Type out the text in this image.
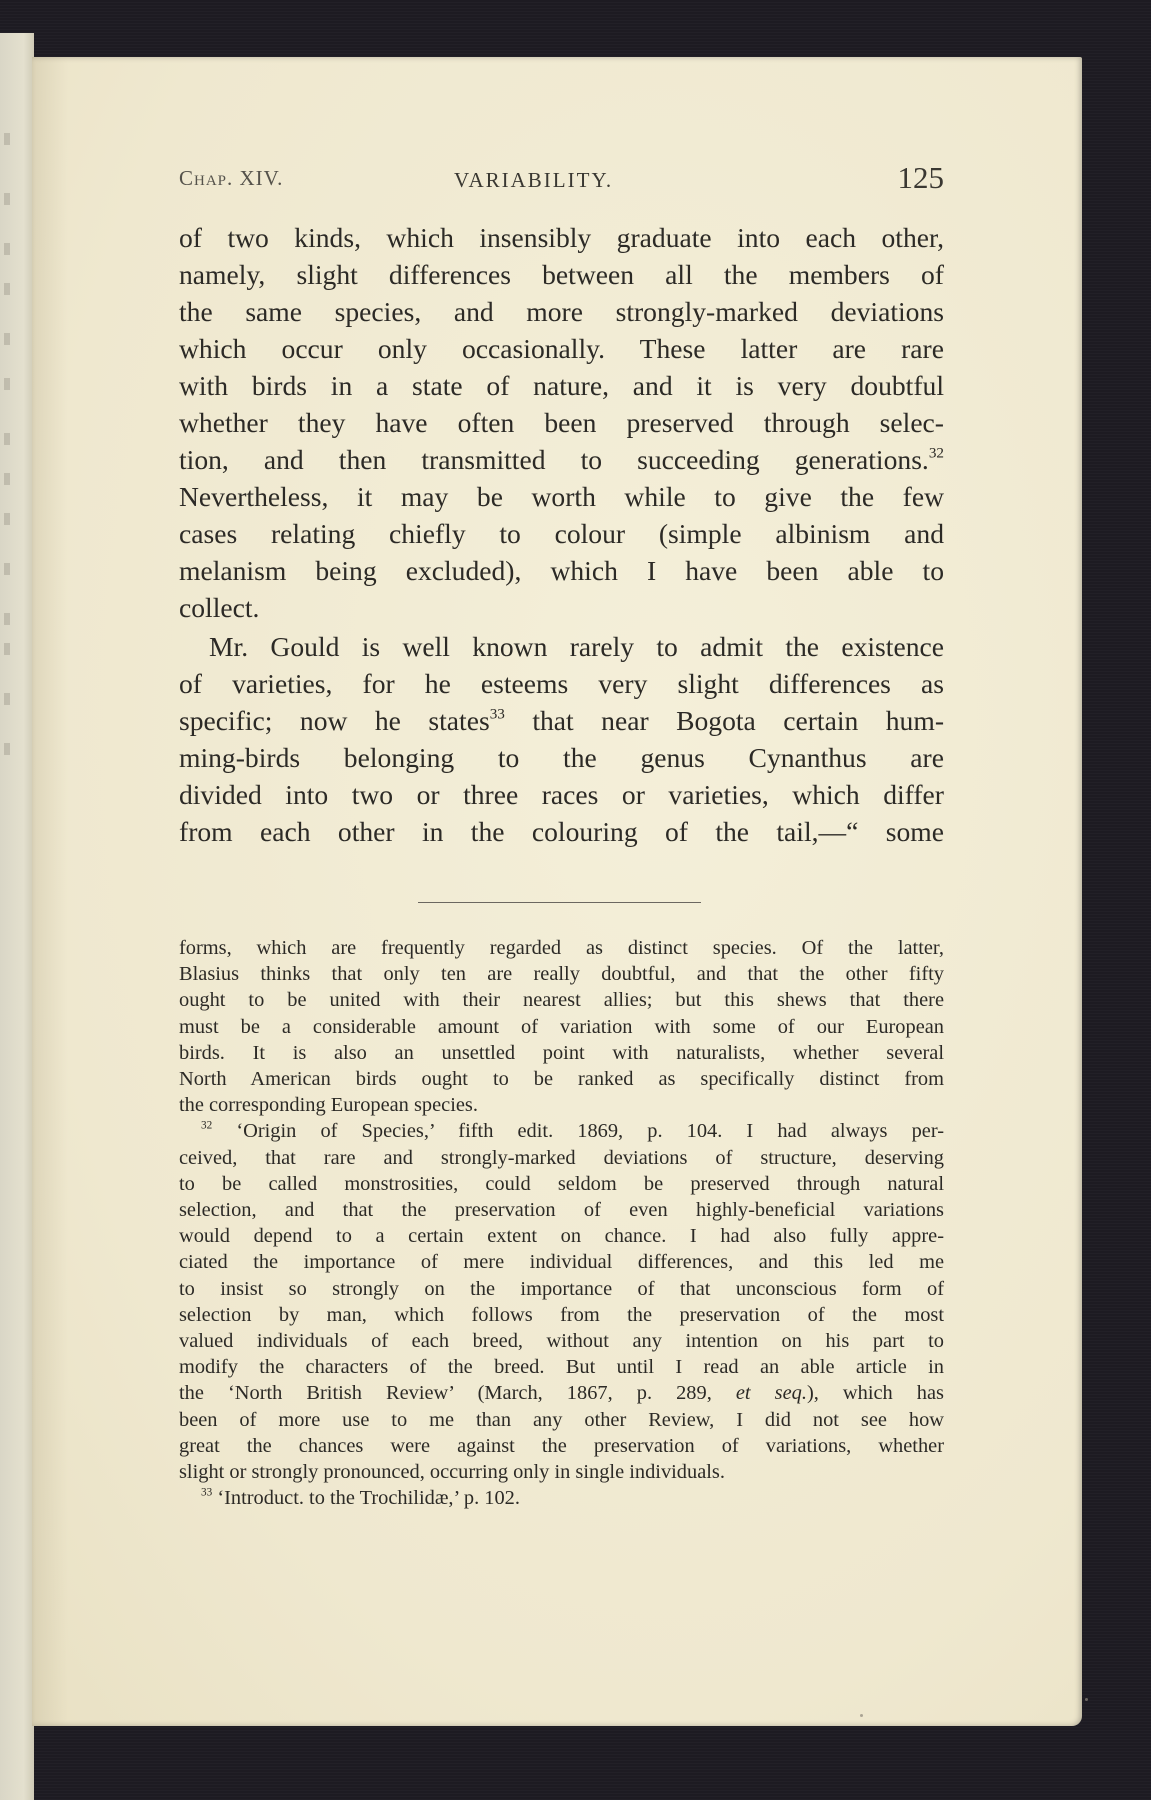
Chap. XIV.	VARIABILITY.	125

of two kinds, which insensibly graduate into each other,
namely, slight differences between all the members of
the same species, and more strongly-marked deviations
which occur only occasionally. These latter are rare
with birds in a state of nature, and it is very doubtful
whether they have often been preserved through selec-
tion, and then transmitted to succeeding generations.$^{32}$
Nevertheless, it may be worth while to give the few
cases relating chiefly to colour (simple albinism and
melanism being excluded), which I have been able to
collect.

Mr. Gould is well known rarely to admit the existence
of varieties, for he esteems very slight differences as
specific; now he states$^{33}$ that near Bogota certain hum-
ming-birds belonging to the genus Cynanthus are
divided into two or three races or varieties, which differ
from each other in the colouring of the tail,—“ some

forms, which are frequently regarded as distinct species. Of the latter,
Blasius thinks that only ten are really doubtful, and that the other fifty
ought to be united with their nearest allies; but this shews that there
must be a considerable amount of variation with some of our European
birds. It is also an unsettled point with naturalists, whether several
North American birds ought to be ranked as specifically distinct from
the corresponding European species.

$^{32}$ ‘Origin of Species,’ fifth edit. 1869, p. 104. I had always per-
ceived, that rare and strongly-marked deviations of structure, deserving
to be called monstrosities, could seldom be preserved through natural
selection, and that the preservation of even highly-beneficial variations
would depend to a certain extent on chance. I had also fully appre-
ciated the importance of mere individual differences, and this led me
to insist so strongly on the importance of that unconscious form of
selection by man, which follows from the preservation of the most
valued individuals of each breed, without any intention on his part to
modify the characters of the breed. But until I read an able article in
the ‘North British Review’ (March, 1867, p. 289, et seq.), which has
been of more use to me than any other Review, I did not see how
great the chances were against the preservation of variations, whether
slight or strongly pronounced, occurring only in single individuals.

$^{33}$ ‘Introduct. to the Trochilidæ,’ p. 102.
